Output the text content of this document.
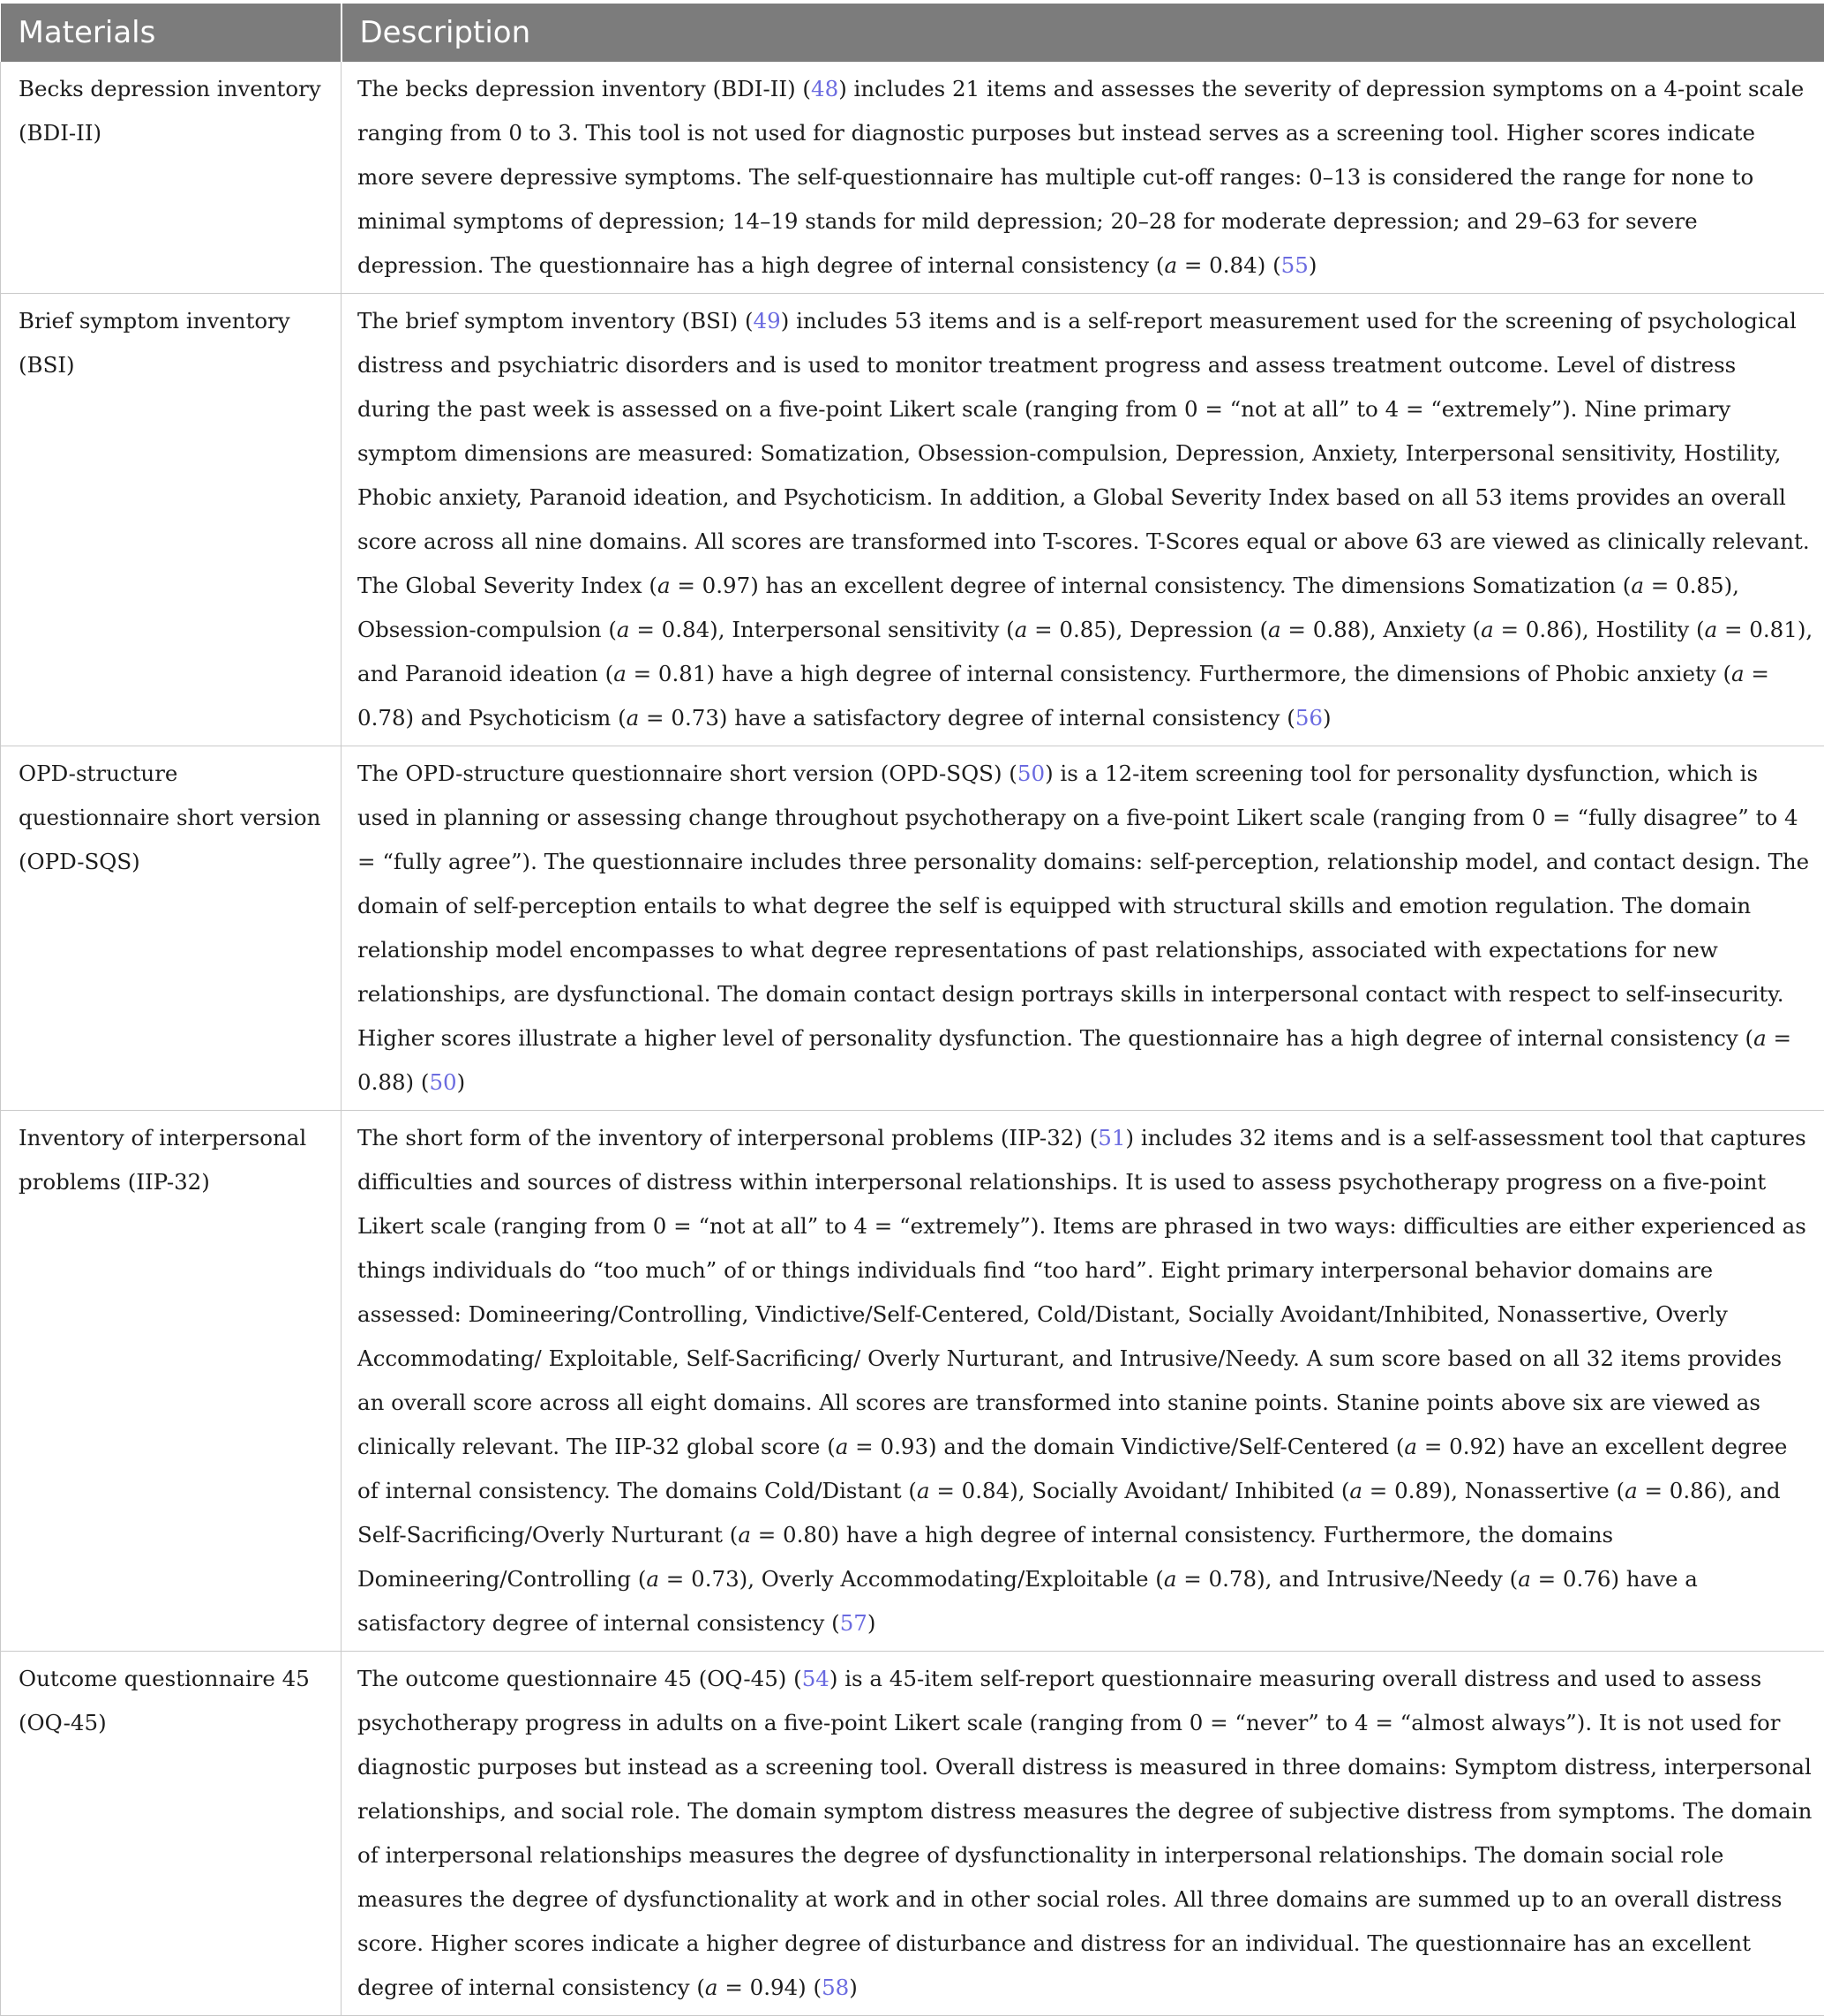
Materials	Description
Becks depression inventory (BDI-II)	The becks depression inventory (BDI-II) (48) includes 21 items and assesses the severity of depression symptoms on a 4-point scale ranging from 0 to 3. This tool is not used for diagnostic purposes but instead serves as a screening tool. Higher scores indicate more severe depressive symptoms. The self-questionnaire has multiple cut-off ranges: 0–13 is considered the range for none to minimal symptoms of depression; 14–19 stands for mild depression; 20–28 for moderate depression; and 29–63 for severe depression. The questionnaire has a high degree of internal consistency (a = 0.84) (55)
Brief symptom inventory (BSI)	The brief symptom inventory (BSI) (49) includes 53 items and is a self-report measurement used for the screening of psychological distress and psychiatric disorders and is used to monitor treatment progress and assess treatment outcome. Level of distress during the past week is assessed on a five-point Likert scale (ranging from 0 = “not at all” to 4 = “extremely”). Nine primary symptom dimensions are measured: Somatization, Obsession-compulsion, Depression, Anxiety, Interpersonal sensitivity, Hostility, Phobic anxiety, Paranoid ideation, and Psychoticism. In addition, a Global Severity Index based on all 53 items provides an overall score across all nine domains. All scores are transformed into T-scores. T-Scores equal or above 63 are viewed as clinically relevant. The Global Severity Index (a = 0.97) has an excellent degree of internal consistency. The dimensions Somatization (a = 0.85), Obsession-compulsion (a = 0.84), Interpersonal sensitivity (a = 0.85), Depression (a = 0.88), Anxiety (a = 0.86), Hostility (a = 0.81), and Paranoid ideation (a = 0.81) have a high degree of internal consistency. Furthermore, the dimensions of Phobic anxiety (a = 0.78) and Psychoticism (a = 0.73) have a satisfactory degree of internal consistency (56)
OPD-structure questionnaire short version (OPD-SQS)	The OPD-structure questionnaire short version (OPD-SQS) (50) is a 12-item screening tool for personality dysfunction, which is used in planning or assessing change throughout psychotherapy on a five-point Likert scale (ranging from 0 = “fully disagree” to 4 = “fully agree”). The questionnaire includes three personality domains: self-perception, relationship model, and contact design. The domain of self-perception entails to what degree the self is equipped with structural skills and emotion regulation. The domain relationship model encompasses to what degree representations of past relationships, associated with expectations for new relationships, are dysfunctional. The domain contact design portrays skills in interpersonal contact with respect to self-insecurity. Higher scores illustrate a higher level of personality dysfunction. The questionnaire has a high degree of internal consistency (a = 0.88) (50)
Inventory of interpersonal problems (IIP-32)	The short form of the inventory of interpersonal problems (IIP-32) (51) includes 32 items and is a self-assessment tool that captures difficulties and sources of distress within interpersonal relationships. It is used to assess psychotherapy progress on a five-point Likert scale (ranging from 0 = “not at all” to 4 = “extremely”). Items are phrased in two ways: difficulties are either experienced as things individuals do “too much” of or things individuals find “too hard”. Eight primary interpersonal behavior domains are assessed: Domineering/Controlling, Vindictive/Self-Centered, Cold/Distant, Socially Avoidant/Inhibited, Nonassertive, Overly Accommodating/ Exploitable, Self-Sacrificing/ Overly Nurturant, and Intrusive/Needy. A sum score based on all 32 items provides an overall score across all eight domains. All scores are transformed into stanine points. Stanine points above six are viewed as clinically relevant. The IIP-32 global score (a = 0.93) and the domain Vindictive/Self-Centered (a = 0.92) have an excellent degree of internal consistency. The domains Cold/Distant (a = 0.84), Socially Avoidant/ Inhibited (a = 0.89), Nonassertive (a = 0.86), and Self-Sacrificing/Overly Nurturant (a = 0.80) have a high degree of internal consistency. Furthermore, the domains Domineering/Controlling (a = 0.73), Overly Accommodating/Exploitable (a = 0.78), and Intrusive/Needy (a = 0.76) have a satisfactory degree of internal consistency (57)
Outcome questionnaire 45 (OQ-45)	The outcome questionnaire 45 (OQ-45) (54) is a 45-item self-report questionnaire measuring overall distress and used to assess psychotherapy progress in adults on a five-point Likert scale (ranging from 0 = “never” to 4 = “almost always”). It is not used for diagnostic purposes but instead as a screening tool. Overall distress is measured in three domains: Symptom distress, interpersonal relationships, and social role. The domain symptom distress measures the degree of subjective distress from symptoms. The domain of interpersonal relationships measures the degree of dysfunctionality in interpersonal relationships. The domain social role measures the degree of dysfunctionality at work and in other social roles. All three domains are summed up to an overall distress score. Higher scores indicate a higher degree of disturbance and distress for an individual. The questionnaire has an excellent degree of internal consistency (a = 0.94) (58)
